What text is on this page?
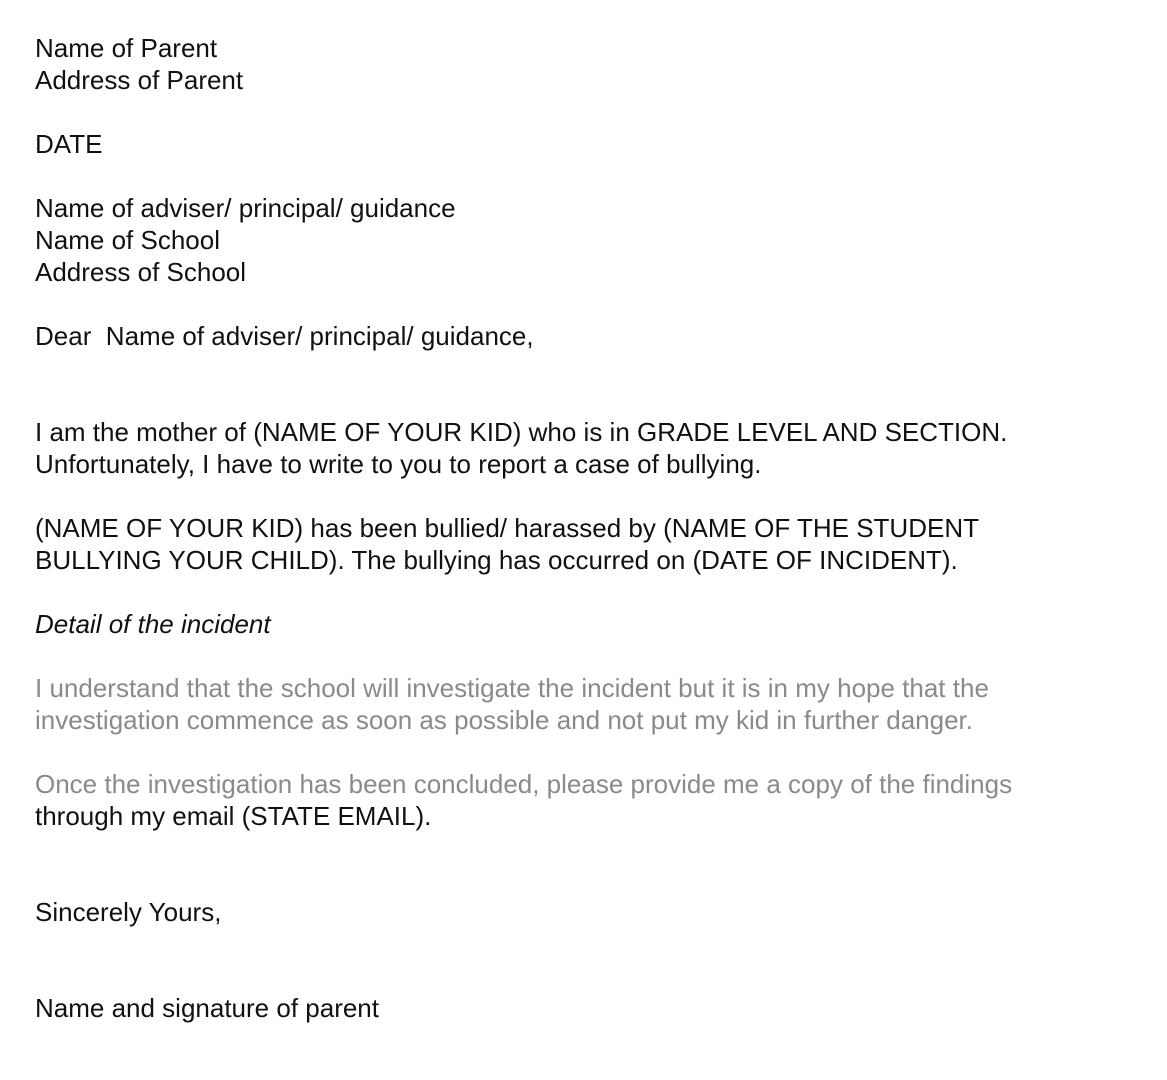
Name of Parent
Address of Parent
DATE
Name of adviser/ principal/ guidance
Name of School
Address of School
Dear  Name of adviser/ principal/ guidance,
I am the mother of (NAME OF YOUR KID) who is in GRADE LEVEL AND SECTION.
Unfortunately, I have to write to you to report a case of bullying.
(NAME OF YOUR KID) has been bullied/ harassed by (NAME OF THE STUDENT
BULLYING YOUR CHILD). The bullying has occurred on (DATE OF INCIDENT).
Detail of the incident
I understand that the school will investigate the incident but it is in my hope that the
investigation commence as soon as possible and not put my kid in further danger.
Once the investigation has been concluded, please provide me a copy of the findings
through my email (STATE EMAIL).
Sincerely Yours,
Name and signature of parent
